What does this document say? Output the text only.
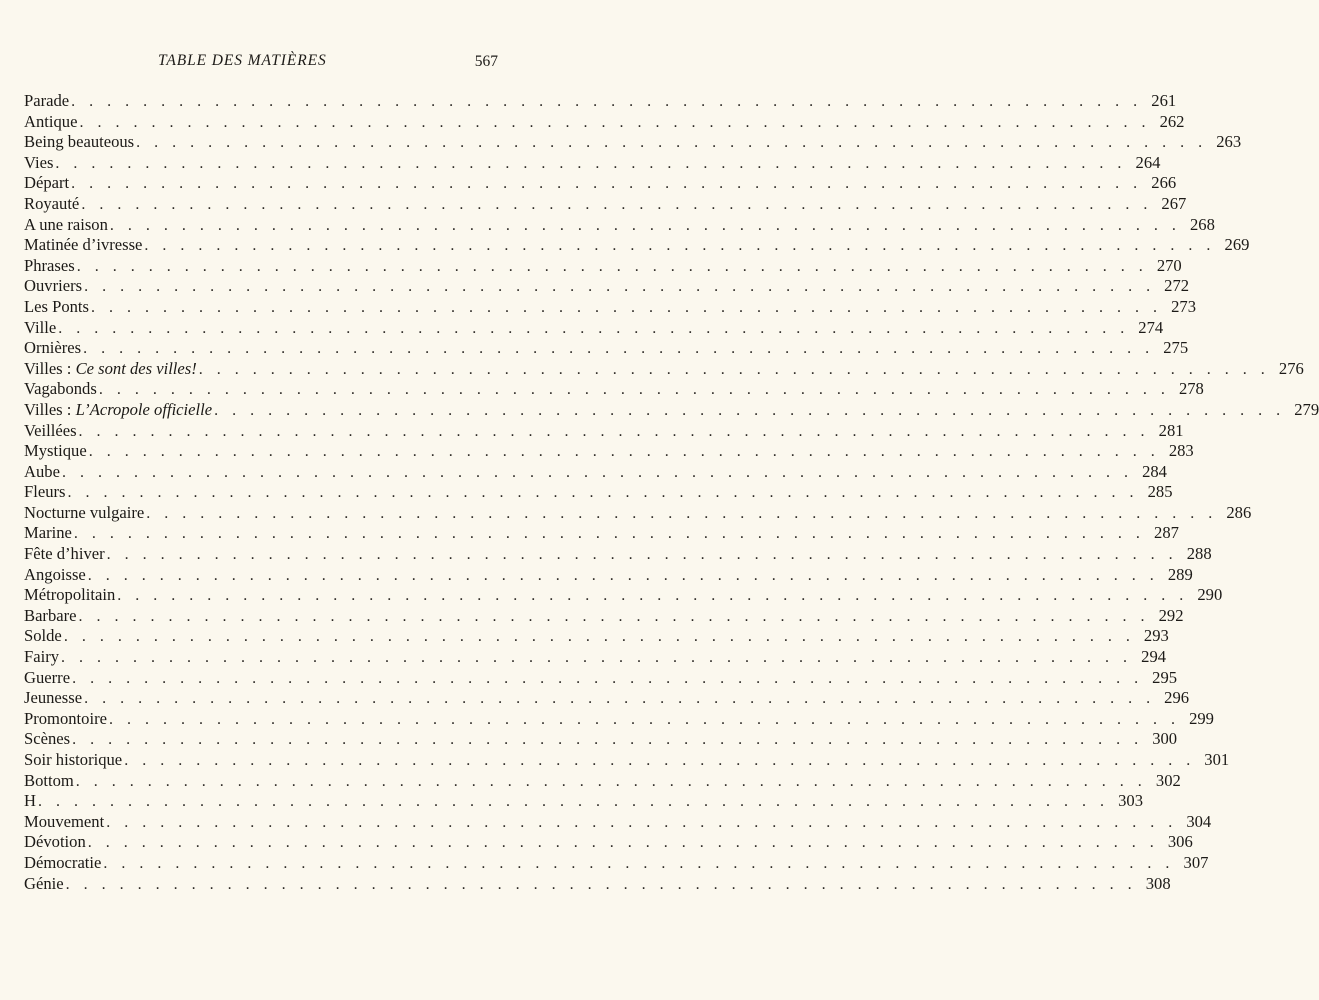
TABLE DES MATIÈRES	567
Parade . . . . . . . . . . . . . . . . . . . . . . . . . . . . . . . . . . . . . . . . . . . . . . . . . . . . . . . . . . . . 261
Antique . . . . . . . . . . . . . . . . . . . . . . . . . . . . . . . . . . . . . . . . . . . . . . . . . . . . . . . . . . . . 262
Being beauteous . . . . . . . . . . . . . . . . . . . . . . . . . . . . . . . . . . . . . . . . . . . . . . . . . . . . . . . . . . . . 263
Vies . . . . . . . . . . . . . . . . . . . . . . . . . . . . . . . . . . . . . . . . . . . . . . . . . . . . . . . . . . . . 264
Départ . . . . . . . . . . . . . . . . . . . . . . . . . . . . . . . . . . . . . . . . . . . . . . . . . . . . . . . . . . . . 266
Royauté . . . . . . . . . . . . . . . . . . . . . . . . . . . . . . . . . . . . . . . . . . . . . . . . . . . . . . . . . . . . 267
A une raison . . . . . . . . . . . . . . . . . . . . . . . . . . . . . . . . . . . . . . . . . . . . . . . . . . . . . . . . . . . . 268
Matinée d’ivresse . . . . . . . . . . . . . . . . . . . . . . . . . . . . . . . . . . . . . . . . . . . . . . . . . . . . . . . . . . . . 269
Phrases . . . . . . . . . . . . . . . . . . . . . . . . . . . . . . . . . . . . . . . . . . . . . . . . . . . . . . . . . . . . 270
Ouvriers . . . . . . . . . . . . . . . . . . . . . . . . . . . . . . . . . . . . . . . . . . . . . . . . . . . . . . . . . . . . 272
Les Ponts . . . . . . . . . . . . . . . . . . . . . . . . . . . . . . . . . . . . . . . . . . . . . . . . . . . . . . . . . . . . 273
Ville . . . . . . . . . . . . . . . . . . . . . . . . . . . . . . . . . . . . . . . . . . . . . . . . . . . . . . . . . . . . 274
Ornières . . . . . . . . . . . . . . . . . . . . . . . . . . . . . . . . . . . . . . . . . . . . . . . . . . . . . . . . . . . . 275
Villes : Ce sont des villes! . . . . . . . . . . . . . . . . . . . . . . . . . . . . . . . . . . . . . . . . . . . . . . . . . . . . . . . . . . . . 276
Vagabonds . . . . . . . . . . . . . . . . . . . . . . . . . . . . . . . . . . . . . . . . . . . . . . . . . . . . . . . . . . . . 278
Villes : L’Acropole officielle . . . . . . . . . . . . . . . . . . . . . . . . . . . . . . . . . . . . . . . . . . . . . . . . . . . . . . . . . . . . 279
Veillées . . . . . . . . . . . . . . . . . . . . . . . . . . . . . . . . . . . . . . . . . . . . . . . . . . . . . . . . . . . . 281
Mystique . . . . . . . . . . . . . . . . . . . . . . . . . . . . . . . . . . . . . . . . . . . . . . . . . . . . . . . . . . . . 283
Aube . . . . . . . . . . . . . . . . . . . . . . . . . . . . . . . . . . . . . . . . . . . . . . . . . . . . . . . . . . . . 284
Fleurs . . . . . . . . . . . . . . . . . . . . . . . . . . . . . . . . . . . . . . . . . . . . . . . . . . . . . . . . . . . . 285
Nocturne vulgaire . . . . . . . . . . . . . . . . . . . . . . . . . . . . . . . . . . . . . . . . . . . . . . . . . . . . . . . . . . . . 286
Marine . . . . . . . . . . . . . . . . . . . . . . . . . . . . . . . . . . . . . . . . . . . . . . . . . . . . . . . . . . . . 287
Fête d’hiver . . . . . . . . . . . . . . . . . . . . . . . . . . . . . . . . . . . . . . . . . . . . . . . . . . . . . . . . . . . . 288
Angoisse . . . . . . . . . . . . . . . . . . . . . . . . . . . . . . . . . . . . . . . . . . . . . . . . . . . . . . . . . . . . 289
Métropolitain . . . . . . . . . . . . . . . . . . . . . . . . . . . . . . . . . . . . . . . . . . . . . . . . . . . . . . . . . . . . 290
Barbare . . . . . . . . . . . . . . . . . . . . . . . . . . . . . . . . . . . . . . . . . . . . . . . . . . . . . . . . . . . . 292
Solde . . . . . . . . . . . . . . . . . . . . . . . . . . . . . . . . . . . . . . . . . . . . . . . . . . . . . . . . . . . . 293
Fairy . . . . . . . . . . . . . . . . . . . . . . . . . . . . . . . . . . . . . . . . . . . . . . . . . . . . . . . . . . . . 294
Guerre . . . . . . . . . . . . . . . . . . . . . . . . . . . . . . . . . . . . . . . . . . . . . . . . . . . . . . . . . . . . 295
Jeunesse . . . . . . . . . . . . . . . . . . . . . . . . . . . . . . . . . . . . . . . . . . . . . . . . . . . . . . . . . . . . 296
Promontoire . . . . . . . . . . . . . . . . . . . . . . . . . . . . . . . . . . . . . . . . . . . . . . . . . . . . . . . . . . . . 299
Scènes . . . . . . . . . . . . . . . . . . . . . . . . . . . . . . . . . . . . . . . . . . . . . . . . . . . . . . . . . . . . 300
Soir historique . . . . . . . . . . . . . . . . . . . . . . . . . . . . . . . . . . . . . . . . . . . . . . . . . . . . . . . . . . . . 301
Bottom . . . . . . . . . . . . . . . . . . . . . . . . . . . . . . . . . . . . . . . . . . . . . . . . . . . . . . . . . . . . 302
H . . . . . . . . . . . . . . . . . . . . . . . . . . . . . . . . . . . . . . . . . . . . . . . . . . . . . . . . . . . . 303
Mouvement . . . . . . . . . . . . . . . . . . . . . . . . . . . . . . . . . . . . . . . . . . . . . . . . . . . . . . . . . . . . 304
Dévotion . . . . . . . . . . . . . . . . . . . . . . . . . . . . . . . . . . . . . . . . . . . . . . . . . . . . . . . . . . . . 306
Démocratie . . . . . . . . . . . . . . . . . . . . . . . . . . . . . . . . . . . . . . . . . . . . . . . . . . . . . . . . . . . . 307
Génie . . . . . . . . . . . . . . . . . . . . . . . . . . . . . . . . . . . . . . . . . . . . . . . . . . . . . . . . . . . . 308
